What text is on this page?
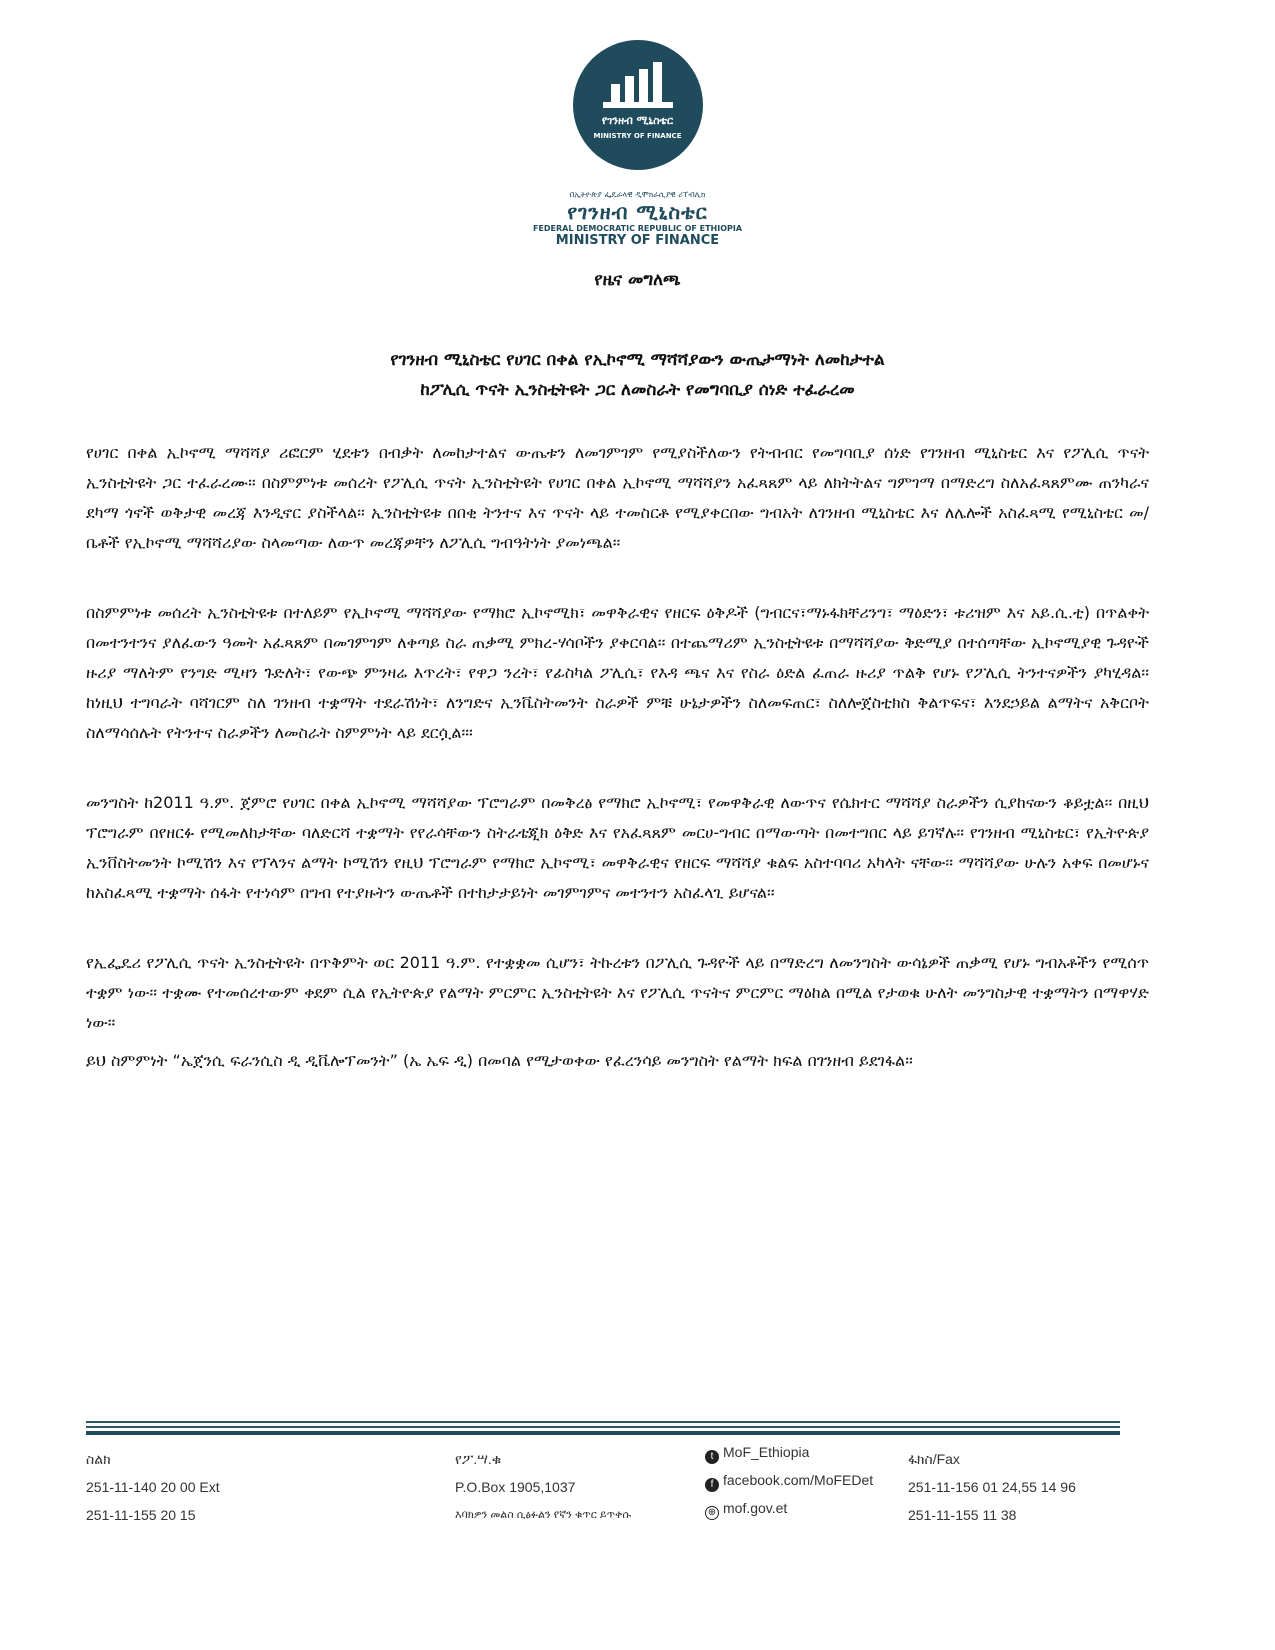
የገንዘብ ሚኒስቴር
MINISTRY OF FINANCE
በኢትዮጵያ ፌዴራላዊ ዲሞክራሲያዊ ሪፐብሊክ
የገንዘብ ሚኒስቴር
FEDERAL DEMOCRATIC REPUBLIC OF ETHIOPIA
MINISTRY OF FINANCE
የዜና መግለጫ
የገንዘብ ሚኒስቴር የሀገር በቀል የኢኮኖሚ ማሻሻያውን ውጤታማነት ለመከታተል
ከፖሊሲ ጥናት ኢንስቲትዩት ጋር ለመስራት የመግባቢያ ሰነድ ተፈራረመ

የሀገር በቀል ኢኮኖሚ ማሻሻያ ሪፎርም ሂደቱን በብቃት ለመከታተልና ውጤቱን ለመገምገም የሚያስችለውን የትብብር የመግባቢያ ሰነድ የገንዘብ ሚኒስቴር እና የፖሊሲ ጥናት ኢንስቲትዩት ጋር ተፈራረሙ፡፡ በስምምነቱ መሰረት የፖሊሲ ጥናት ኢንስቲትዩት የሀገር በቀል ኢኮኖሚ ማሻሻያን አፈጻጸም ላይ ለክትትልና ግምገማ በማድረግ ስለአፈጻጸምሙ ጠንካራና ደካማ ጎኖች ወቅታዊ መረጃ እንዲኖር ያስችላል፡፡ ኢንስቲትዩቱ በበቂ ትንተና እና ጥናት ላይ ተመስርቶ የሚያቀርበው ግብአት ለገንዘብ ሚኒስቴር እና ለሌሎች አስፈጻሚ የሚኒስቴር መ/ቤቶች የኢኮኖሚ ማሻሻሪያው ስላመጣው ለውጥ መረጃዎቸን ለፖሊሲ ግብዓትነት ያመነጫል፡፡

በስምምነቱ መሰረት ኢንስቲትዩቱ በተለይም የኢኮኖሚ ማሻሻያው የማክሮ ኢኮኖሚክ፣ መዋቅራዊና የዘርፍ ዕቅዶች (ግብርና፣ማኑፋክቸሪንግ፣ ማዕድን፣ ቱሪዝም እና አይ.ሲ.ቲ) በጥልቀት በመተንተንና ያለፈውን ዓመት አፈጻጸም በመገምገም ለቀጣይ ስራ ጠቃሚ ምክረ-ሃሳቦችን ያቀርባል፡፡ በተጨማሪም ኢንስቲትዩቱ በማሻሻያው ቅድሚያ በተሰጣቸው ኢኮኖሚያዊ ጉዳዮች ዙሪያ ማለትም የንግድ ሚዛን ጉድለት፣ የውጭ ምንዛሬ እጥረት፣ የዋጋ ንረት፣ የፊስካል ፖሊሲ፣ የእዳ ጫና እና የስራ ዕድል ፈጠራ ዙሪያ ጥልቅ የሆኑ የፖሊሲ ትንተናዎችን ያካሂዳል፡፡ ከነዚህ ተግባራት ባሻገርም ስለ ገንዘብ ተቋማት ተደራሽነት፣ ለንግድና ኢንቬስትመንት ስራዎች ምቹ ሁኔታዎችን ስለመፍጠር፣ ስለሎጀስቲክስ ቅልጥፍና፣ እንደኃይል ልማትና አቅርቦት ስለማሳሰሉት የትንተና ስራዎችን ለመስራት ስምምነት ላይ ደርሷል፡፡፡

መንግስት ከ2011 ዓ.ም. ጀምሮ የሀገር በቀል ኢኮኖሚ ማሻሻያው ፕሮግራም በመቅረፅ የማክሮ ኢኮኖሚ፣ የመዋቅራዊ ለውጥና የሴክተር ማሻሻያ ስራዎችን ሲያከናውን ቆይቷል፡፡ በዚህ ፕሮግራም በየዘርፉ የሚመለከታቸው ባለድርሻ ተቋማት የየራሳቸውን ስትራቴጂክ ዕቅድ እና የአፈጻጸም መርሀ-ግብር በማውጣት በመተግበር ላይ ይገኛሉ፡፡ የገንዘብ ሚኒስቴር፣ የኢትዮጵያ ኢንቨስትመንት ኮሚሽን እና የፕላንና ልማት ኮሚሽን የዚህ ፕሮግራም የማክሮ ኢኮኖሚ፣ መዋቅራዊና የዘርፍ ማሻሻያ ቁልፍ አስተባባሪ አካላት ናቸው፡፡ ማሻሻያው ሁሉን አቀፍ በመሆኑና ከአስፈጻሚ ተቋማት ሰፋት የተነሳም በግብ የተያዙትን ውጤቶች በተከታታይነት መገምገምና መተንተን አስፈላጊ ይሆናል፡፡

የኢፌዴሪ የፖሊሲ ጥናት ኢንስቲትዩት በጥቅምት ወር 2011 ዓ.ም. የተቋቋመ ሲሆን፣ ትኩረቱን በፖሊሲ ጉዳዮች ላይ በማድረግ ለመንግስት ውሳኔዎች ጠቃሚ የሆኑ ግብአቶችን የሚሰጥ ተቋም ነው፡፡ ተቋሙ የተመሰረተውም ቀደም ሲል የኢትዮጵያ የልማት ምርምር ኢንስቲትዩት እና የፖሊሲ ጥናትና ምርምር ማዕከል በሚል የታወቁ ሁለት መንግስታዊ ተቋማትን በማዋሃድ ነው፡፡

ይህ ስምምነት “ኤጀንሲ ፍራንሲስ ዲ ዲቬሎፕመንት” (ኤ ኤፍ ዲ) በመባል የሚታወቀው የፈረንሳይ መንግስት የልማት ክፍል በገንዘብ ይደገፋል፡፡

ስልክ
251-11-140 20 00 Ext
251-11-155 20 15
የፖ.ሣ.ቁ
P.O.Box 1905,1037
እባክዎን መልስ ሲፅፉልን የኛን ቁጥር ይጥቀሱ
t MoF_Ethiopia
f facebook.com/MoFEDet
⊕ mof.gov.et
ፋክስ/Fax
251-11-156 01 24,55 14 96
251-11-155 11 38
